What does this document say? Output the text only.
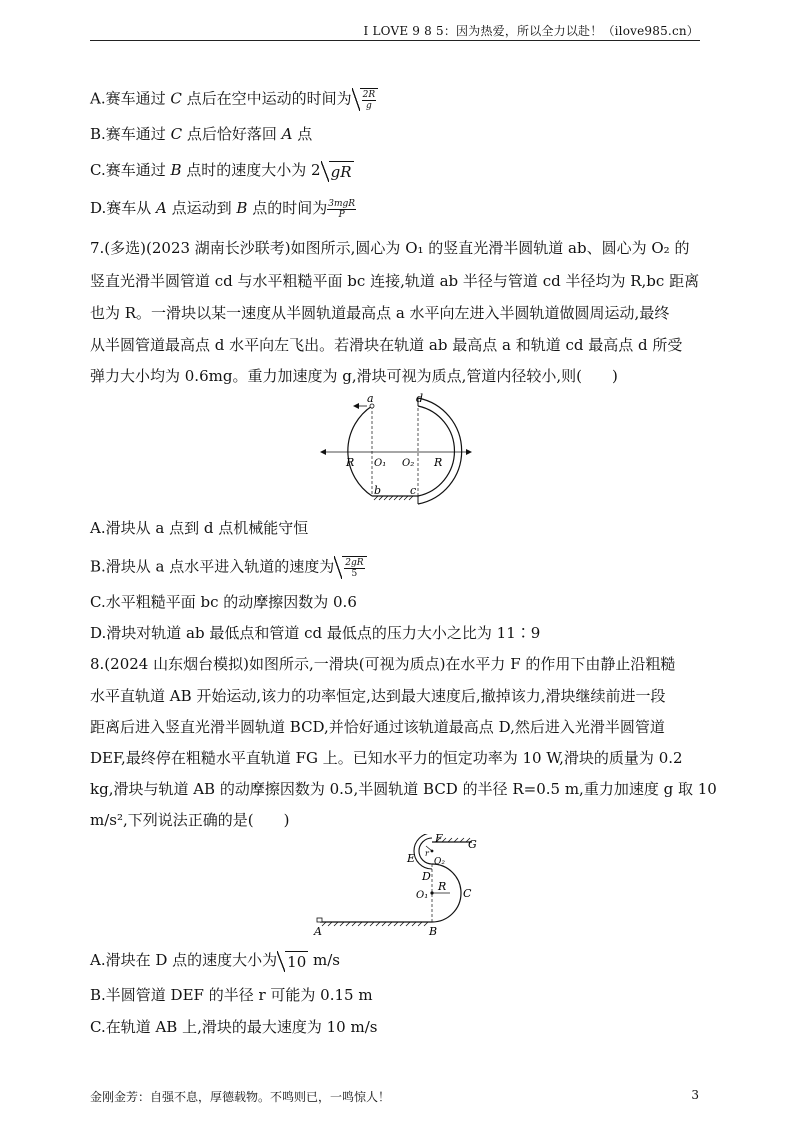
I LOVE 9 8 5：因为热爱，所以全力以赴！（ilove985.cn）
A.赛车通过 C 点后在空中运动的时间为 $\frac{2R}{g}$
B.赛车通过 C 点后恰好落回 A 点
C.赛车通过 B 点时的速度大小为 2 gR
D.赛车从 A 点运动到 B 点的时间为 $\frac{\text{3mgR}}{P}$
7.(多选)(2023 湖南长沙联考)如图所示,圆心为 O₁ 的竖直光滑半圆轨道 ab、圆心为 O₂ 的
竖直光滑半圆管道 cd 与水平粗糙平面 bc 连接,轨道 ab 半径与管道 cd 半径均为 R,bc 距离
也为 R。一滑块以某一速度从半圆轨道最高点 a 水平向左进入半圆轨道做圆周运动,最终
从半圆管道最高点 d 水平向左飞出。若滑块在轨道 ab 最高点 a 和轨道 cd 最高点 d 所受
弹力大小均为 0.6mg。重力加速度为 g,滑块可视为质点,管道内径较小,则(　　)
a	d
b	c
O₁ O₂
R	R
A.滑块从 a 点到 d 点机械能守恒
B.滑块从 a 点水平进入轨道的速度为 $\frac{2gR}{5}$
C.水平粗糙平面 bc 的动摩擦因数为 0.6
D.滑块对轨道 ab 最低点和管道 cd 最低点的压力大小之比为 11∶9
8.(2024 山东烟台模拟)如图所示,一滑块(可视为质点)在水平力 F 的作用下由静止沿粗糙
水平直轨道 AB 开始运动,该力的功率恒定,达到最大速度后,撤掉该力,滑块继续前进一段
距离后进入竖直光滑半圆轨道 BCD,并恰好通过该轨道最高点 D,然后进入光滑半圆管道
DEF,最终停在粗糙水平直轨道 FG 上。已知水平力的恒定功率为 10 W,滑块的质量为 0.2
kg,滑块与轨道 AB 的动摩擦因数为 0.5,半圆轨道 BCD 的半径 R=0.5 m,重力加速度 g 取 10
m/s²,下列说法正确的是(　　)
A	B
C
D
E
F G
O₁
O₂
R
r
A.滑块在 D 点的速度大小为 10 m/s
B.半圆管道 DEF 的半径 r 可能为 0.15 m
C.在轨道 AB 上,滑块的最大速度为 10 m/s
金刚金芳：自强不息，厚德载物。不鸣则已，一鸣惊人！	3
